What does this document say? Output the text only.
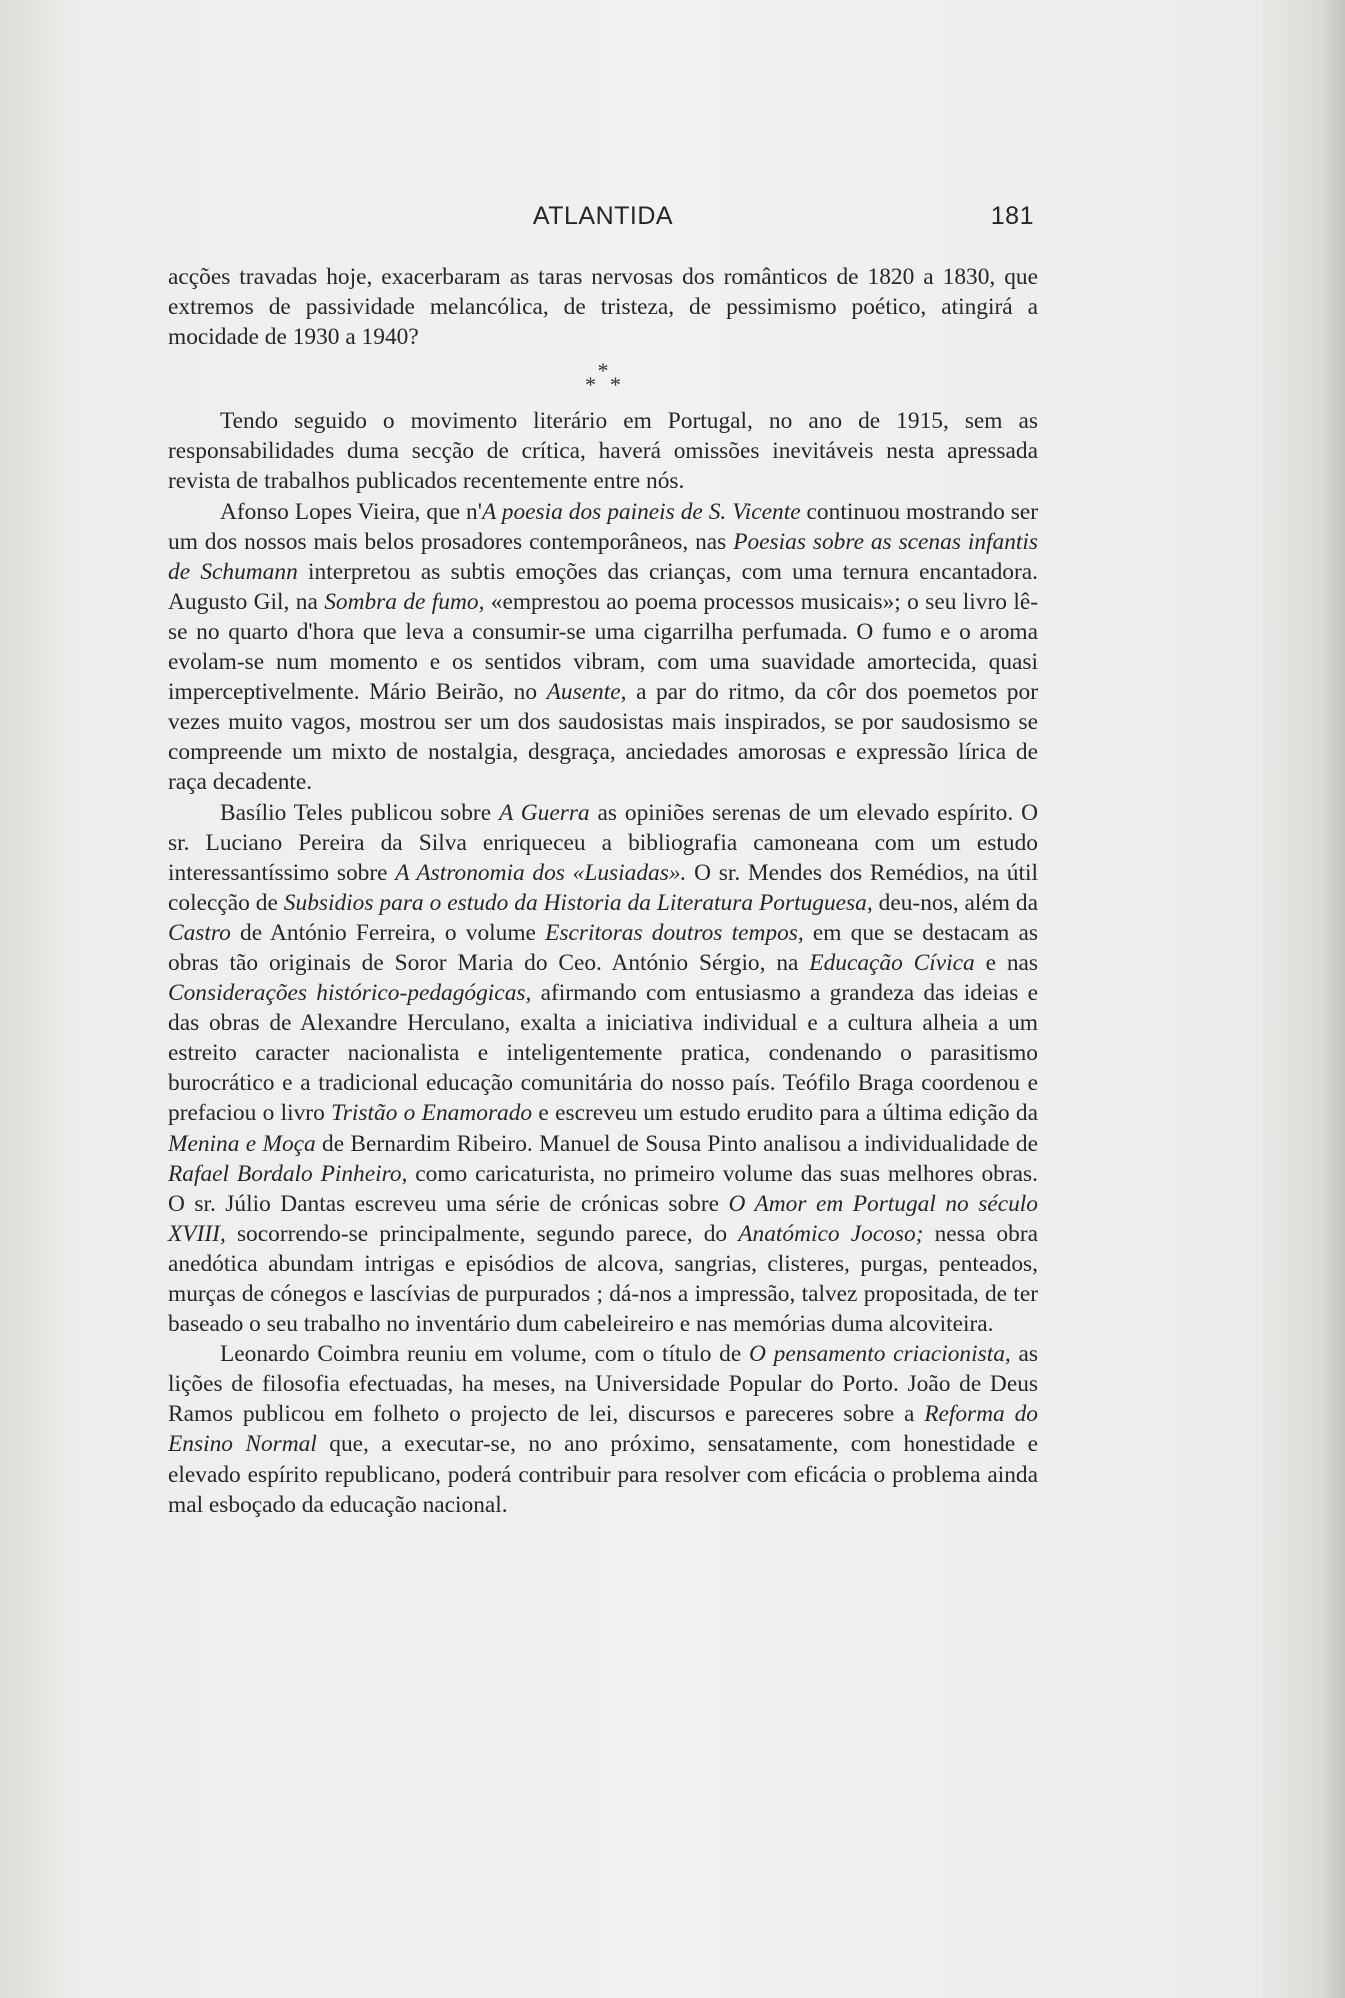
ATLANTIDA	181

acções travadas hoje, exacerbaram as taras nervosas dos românticos de 1820 a 1830, que extremos de passividade melancólica, de tristeza, de pessimismo poético, atingirá a mocidade de 1930 a 1940?

*
* *

Tendo seguido o movimento literário em Portugal, no ano de 1915, sem as responsabilidades duma secção de crítica, haverá omissões inevitáveis nesta apressada revista de trabalhos publicados recentemente entre nós.

Afonso Lopes Vieira, que n'A poesia dos paineis de S. Vicente continuou mostrando ser um dos nossos mais belos prosadores contemporâneos, nas Poesias sobre as scenas infantis de Schumann interpretou as subtis emoções das crianças, com uma ternura encantadora. Augusto Gil, na Sombra de fumo, «emprestou ao poema processos musicais»; o seu livro lê-se no quarto d'hora que leva a consumir-se uma cigarrilha perfumada. O fumo e o aroma evolam-se num momento e os sentidos vibram, com uma suavidade amortecida, quasi imperceptivelmente. Mário Beirão, no Ausente, a par do ritmo, da côr dos poemetos por vezes muito vagos, mostrou ser um dos saudosistas mais inspirados, se por saudosismo se compreende um mixto de nostalgia, desgraça, anciedades amorosas e expressão lírica de raça decadente.

Basílio Teles publicou sobre A Guerra as opiniões serenas de um elevado espírito. O sr. Luciano Pereira da Silva enriqueceu a bibliografia camoneana com um estudo interessantíssimo sobre A Astronomia dos «Lusiadas». O sr. Mendes dos Remédios, na útil colecção de Subsidios para o estudo da Historia da Literatura Portuguesa, deu-nos, além da Castro de António Ferreira, o volume Escritoras doutros tempos, em que se destacam as obras tão originais de Soror Maria do Ceo. António Sérgio, na Educação Cívica e nas Considerações histórico-pedagógicas, afirmando com entusiasmo a grandeza das ideias e das obras de Alexandre Herculano, exalta a iniciativa individual e a cultura alheia a um estreito caracter nacionalista e inteligentemente pratica, condenando o parasitismo burocrático e a tradicional educação comunitária do nosso país. Teófilo Braga coordenou e prefaciou o livro Tristão o Enamorado e escreveu um estudo erudito para a última edição da Menina e Moça de Bernardim Ribeiro. Manuel de Sousa Pinto analisou a individualidade de Rafael Bordalo Pinheiro, como caricaturista, no primeiro volume das suas melhores obras. O sr. Júlio Dantas escreveu uma série de crónicas sobre O Amor em Portugal no século XVIII, socorrendo-se principalmente, segundo parece, do Anatómico Jocoso; nessa obra anedótica abundam intrigas e episódios de alcova, sangrias, clisteres, purgas, penteados, murças de cónegos e lascívias de purpurados ; dá-nos a impressão, talvez propositada, de ter baseado o seu trabalho no inventário dum cabeleireiro e nas memórias duma alcoviteira.

Leonardo Coimbra reuniu em volume, com o título de O pensamento criacionista, as lições de filosofia efectuadas, ha meses, na Universidade Popular do Porto. João de Deus Ramos publicou em folheto o projecto de lei, discursos e pareceres sobre a Reforma do Ensino Normal que, a executar-se, no ano próximo, sensatamente, com honestidade e elevado espírito republicano, poderá contribuir para resolver com eficácia o problema ainda mal esboçado da educação nacional.
